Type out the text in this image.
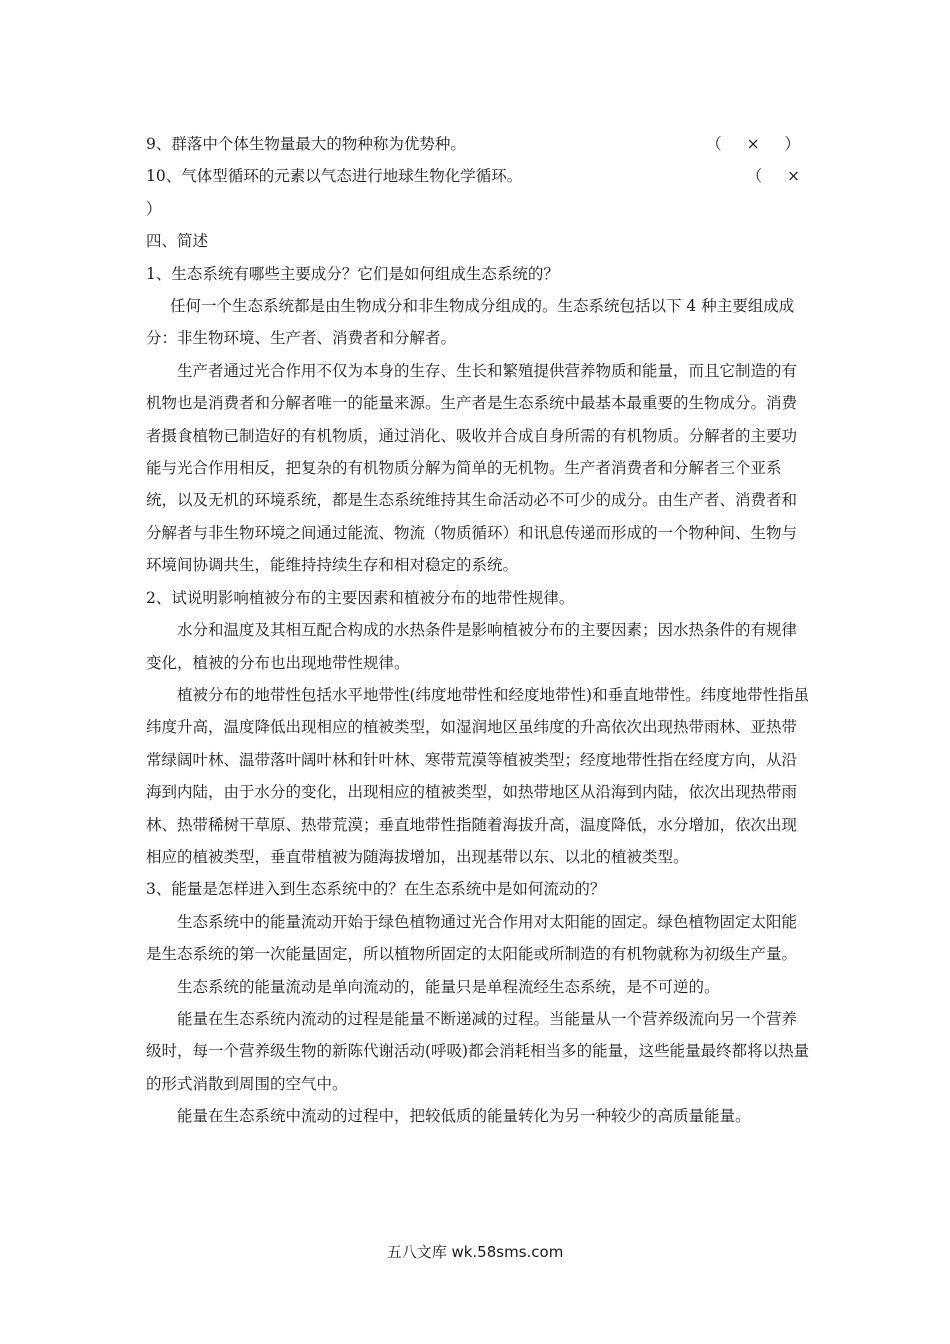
9、群落中个体生物量最大的物种称为优势种。	（ × ）
10、气体型循环的元素以气态进行地球生物化学循环。	（ ×
）

四、简述

1、生态系统有哪些主要成分？它们是如何组成生态系统的？

任何一个生态系统都是由生物成分和非生物成分组成的。生态系统包括以下 4 种主要组成成分：非生物环境、生产者、消费者和分解者。

生产者通过光合作用不仅为本身的生存、生长和繁殖提供营养物质和能量，而且它制造的有机物也是消费者和分解者唯一的能量来源。生产者是生态系统中最基本最重要的生物成分。消费者摄食植物已制造好的有机物质，通过消化、吸收并合成自身所需的有机物质。分解者的主要功能与光合作用相反，把复杂的有机物质分解为简单的无机物。生产者消费者和分解者三个亚系统，以及无机的环境系统，都是生态系统维持其生命活动必不可少的成分。由生产者、消费者和分解者与非生物环境之间通过能流、物流（物质循环）和讯息传递而形成的一个物种间、生物与环境间协调共生，能维持持续生存和相对稳定的系统。

2、试说明影响植被分布的主要因素和植被分布的地带性规律。

水分和温度及其相互配合构成的水热条件是影响植被分布的主要因素；因水热条件的有规律变化，植被的分布也出现地带性规律。

植被分布的地带性包括水平地带性(纬度地带性和经度地带性)和垂直地带性。纬度地带性指虽纬度升高，温度降低出现相应的植被类型，如湿润地区虽纬度的升高依次出现热带雨林、亚热带常绿阔叶林、温带落叶阔叶林和针叶林、寒带荒漠等植被类型；经度地带性指在经度方向，从沿海到内陆，由于水分的变化，出现相应的植被类型，如热带地区从沿海到内陆，依次出现热带雨林、热带稀树干草原、热带荒漠；垂直地带性指随着海拔升高，温度降低，水分增加，依次出现相应的植被类型，垂直带植被为随海拔增加，出现基带以东、以北的植被类型。

3、能量是怎样进入到生态系统中的？在生态系统中是如何流动的？

生态系统中的能量流动开始于绿色植物通过光合作用对太阳能的固定。绿色植物固定太阳能是生态系统的第一次能量固定，所以植物所固定的太阳能或所制造的有机物就称为初级生产量。

生态系统的能量流动是单向流动的，能量只是单程流经生态系统，是不可逆的。

能量在生态系统内流动的过程是能量不断递减的过程。当能量从一个营养级流向另一个营养级时，每一个营养级生物的新陈代谢活动(呼吸)都会消耗相当多的能量，这些能量最终都将以热量的形式消散到周围的空气中。

能量在生态系统中流动的过程中，把较低质的能量转化为另一种较少的高质量能量。

五八文库 wk.58sms.com
